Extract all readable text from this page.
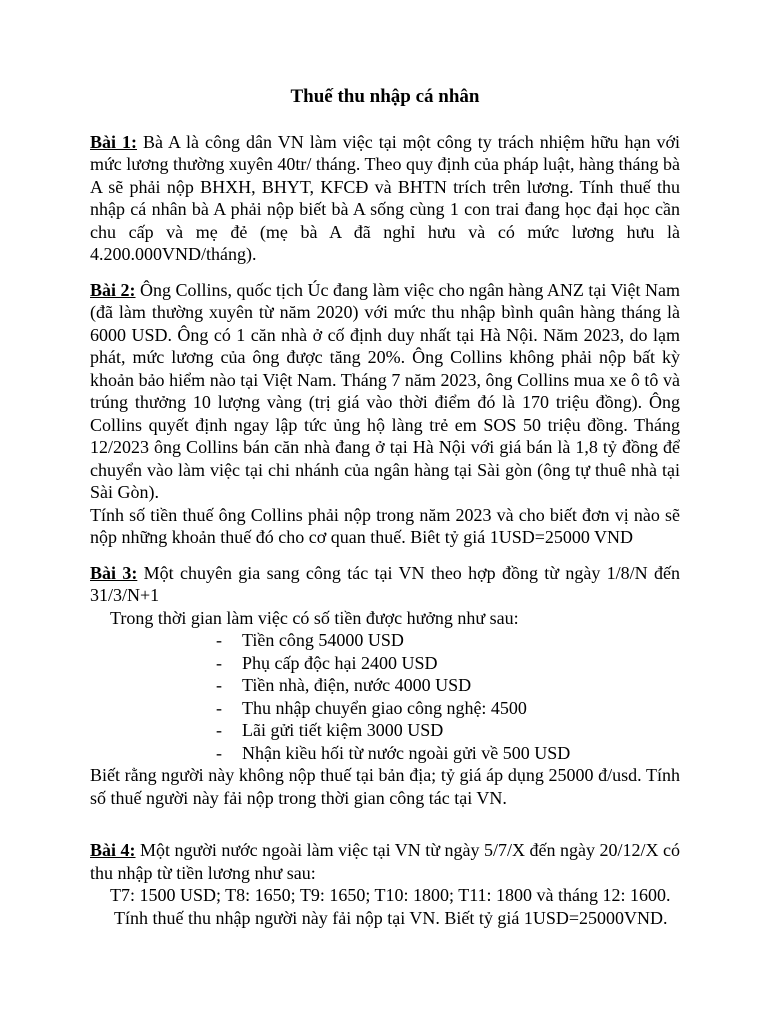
Thuế thu nhập cá nhân

Bài 1: Bà A là công dân VN làm việc tại một công ty trách nhiệm hữu hạn với mức lương thường xuyên 40tr/ tháng. Theo quy định của pháp luật, hàng tháng bà A sẽ phải nộp BHXH, BHYT, KFCĐ và BHTN trích trên lương. Tính thuế thu nhập cá nhân bà A phải nộp biết bà A sống cùng 1 con trai đang học đại học cần chu cấp và mẹ đẻ (mẹ bà A đã nghỉ hưu và có mức lương hưu là 4.200.000VND/tháng).

Bài 2: Ông Collins, quốc tịch Úc đang làm việc cho ngân hàng ANZ tại Việt Nam (đã làm thường xuyên từ năm 2020) với mức thu nhập bình quân hàng tháng là 6000 USD. Ông có 1 căn nhà ở cố định duy nhất tại Hà Nội. Năm 2023, do lạm phát, mức lương của ông được tăng 20%. Ông Collins không phải nộp bất kỳ khoản bảo hiểm nào tại Việt Nam. Tháng 7 năm 2023, ông Collins mua xe ô tô và trúng thưởng 10 lượng vàng (trị giá vào thời điểm đó là 170 triệu đồng). Ông Collins quyết định ngay lập tức ủng hộ làng trẻ em SOS 50 triệu đồng. Tháng 12/2023 ông Collins bán căn nhà đang ở tại Hà Nội với giá bán là 1,8 tỷ đồng để chuyển vào làm việc tại chi nhánh của ngân hàng tại Sài gòn (ông tự thuê nhà tại Sài Gòn).

Tính số tiền thuế ông Collins phải nộp trong năm 2023 và cho biết đơn vị nào sẽ nộp những khoản thuế đó cho cơ quan thuế. Biêt tỷ giá 1USD=25000 VND

Bài 3: Một chuyên gia sang công tác tại VN theo hợp đồng từ ngày 1/8/N đến 31/3/N+1

Trong thời gian làm việc có số tiền được hưởng như sau:

- Tiền công 54000 USD
- Phụ cấp độc hại 2400 USD
- Tiền nhà, điện, nước 4000 USD
- Thu nhập chuyển giao công nghệ: 4500
- Lãi gửi tiết kiệm 3000 USD
- Nhận kiều hối từ nước ngoài gửi về 500 USD

Biết rằng người này không nộp thuế tại bản địa; tỷ giá áp dụng 25000 đ/usd. Tính số thuế người này fải nộp trong thời gian công tác tại VN.

Bài 4: Một người nước ngoài làm việc tại VN từ ngày 5/7/X đến ngày 20/12/X có thu nhập từ tiền lương như sau:

T7: 1500 USD; T8: 1650; T9: 1650; T10: 1800; T11: 1800 và tháng 12: 1600.

Tính thuế thu nhập người này fải nộp tại VN. Biết tỷ giá 1USD=25000VND.
